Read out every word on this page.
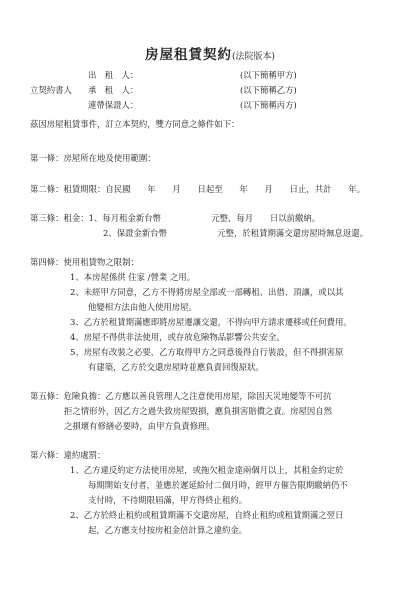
房屋租賃契約(法院版本)
出　租　人：	(以下簡稱甲方)
立契約書人 承　租　人：	(以下簡稱乙方)
連帶保證人：	(以下簡稱丙方)
茲因房屋租賃事件，訂立本契約，雙方同意之條件如下：
第一條：房屋所在地及使用範圍：
第二條：租賃期限：自民國　　年　　月　　日起至　　年　　月　　日止，共計　　年。
第三條：租金：1、每月租金新台幣　　　　　　元整，每月　　日以前繳納。
2、保證金新台幣　　　　　　元整，於租賃期滿交還房屋時無息返還。
第四條：使用租賃物之限制：
1、本房屋係供 住家 /營業 之用。
2、未經甲方同意，乙方不得將房屋全部或一部轉租、出借、頂讓，或以其
他變相方法由他人使用房屋。
3、乙方於租賃期滿應即將房屋遷讓交還，不得向甲方請求遷移或任何費用。
4、房屋不得供非法使用，或存放危險物品影響公共安全。
5、房屋有改裝之必要，乙方取得甲方之同意後得自行裝設，但不得損害原
有建築，乙方於交還房屋時並應負責回復原狀。
第五條：危險負擔：乙方應以善良管理人之注意使用房屋，除因天災地變等不可抗
拒之情形外，因乙方之過失致房屋毀損，應負損害賠償之責。房屋因自然
之損壞有修繕必要時，由甲方負責修理。
第六條：違約處罰：
1、乙方違反約定方法使用房屋，或拖欠租金達兩個月以上，其租金約定於
每期開始支付者，並應於遲延給付二個月時，經甲方催告限期繳納仍不
支付時，不待期限屆滿，甲方得終止租約。
2、乙方於終止租約或租賃期滿不交還房屋，自終止租約或租賃期滿之翌日
起，乙方應支付按房租金倍計算之違約金。
